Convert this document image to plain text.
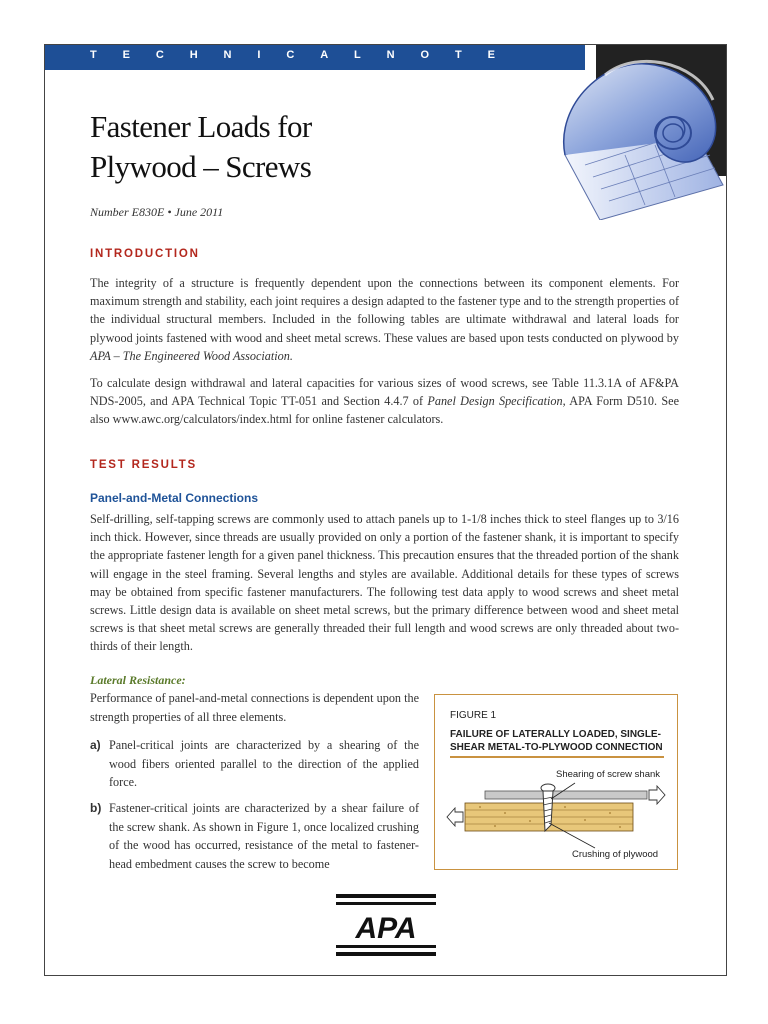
T E C H N I C A L N O T E
Fastener Loads for
Plywood – Screws
Number E830E • June 2011
INTRODUCTION

The integrity of a structure is frequently dependent upon the connections between its component elements. For maximum strength and stability, each joint requires a design adapted to the fastener type and to the strength properties of the individual structural members. Included in the following tables are ultimate withdrawal and lateral loads for plywood joints fastened with wood and sheet metal screws. These values are based upon tests conducted on plywood by APA – The Engineered Wood Association.

To calculate design withdrawal and lateral capacities for various sizes of wood screws, see Table 11.3.1A of AF&PA NDS-2005, and APA Technical Topic TT-051 and Section 4.4.7 of Panel Design Specification, APA Form D510. See also www.awc.org/calculators/index.html for online fastener calculators.

TEST RESULTS
Panel-and-Metal Connections

Self-drilling, self-tapping screws are commonly used to attach panels up to 1-1/8 inches thick to steel flanges up to 3/16 inch thick. However, since threads are usually provided on only a portion of the fastener shank, it is important to specify the appropriate fastener length for a given panel thickness. This precaution ensures that the threaded portion of the shank will engage in the steel framing. Several lengths and styles are available. Additional details for these types of screws may be obtained from specific fastener manufacturers. The following test data apply to wood screws and sheet metal screws. Little design data is available on sheet metal screws, but the primary difference between wood and sheet metal screws is that sheet metal screws are generally threaded their full length and wood screws are only threaded about two-thirds of their length.

Lateral Resistance:

Performance of panel-and-metal connections is dependent upon the strength properties of all three elements.

a) Panel-critical joints are characterized by a shearing of the wood fibers oriented parallel to the direction of the applied force.

b) Fastener-critical joints are characterized by a shear failure of the screw shank. As shown in Figure 1, once localized crushing of the wood has occurred, resistance of the metal to fastener-head embedment causes the screw to become

FIGURE 1
FAILURE OF LATERALLY LOADED, SINGLE-SHEAR METAL-TO-PLYWOOD CONNECTION
Shearing of screw shank
Crushing of plywood
APA
